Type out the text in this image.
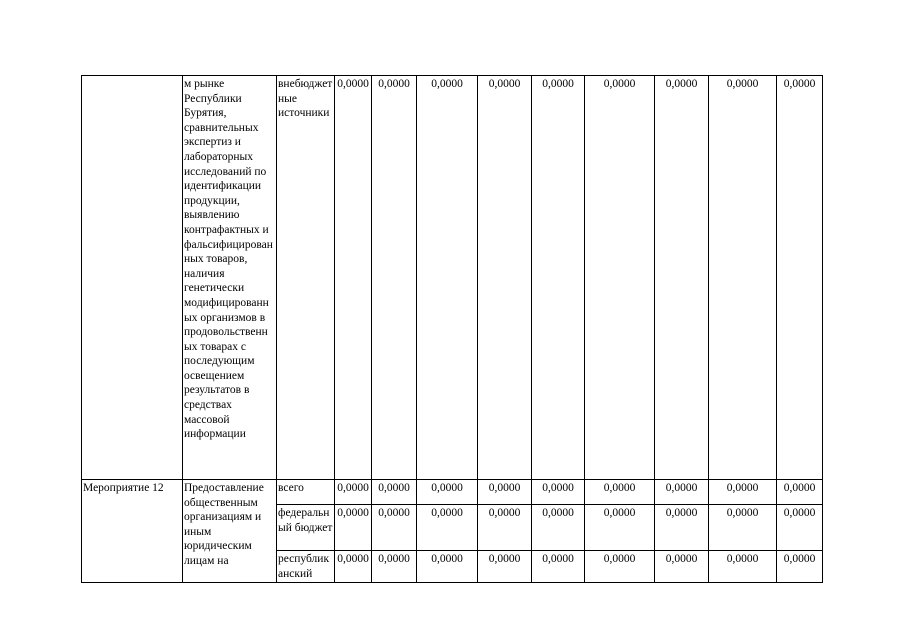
	м рынке Республики Бурятия, сравнительных экспертиз и лабораторных исследований по идентификации продукции, выявлению контрафактных и фальсифицированных товаров, наличия генетически модифицированных организмов в продовольственных товарах с последующим освещением результатов в средствах массовой информации	внебюджетные источники	0,0000	0,0000	0,0000	0,0000	0,0000	0,0000	0,0000	0,0000	0,0000
Мероприятие 12	Предоставление общественным организациям и иным юридическим лицам на	всего	0,0000	0,0000	0,0000	0,0000	0,0000	0,0000	0,0000	0,0000	0,0000
		федеральный бюджет	0,0000	0,0000	0,0000	0,0000	0,0000	0,0000	0,0000	0,0000	0,0000
		республиканский	0,0000	0,0000	0,0000	0,0000	0,0000	0,0000	0,0000	0,0000	0,0000
